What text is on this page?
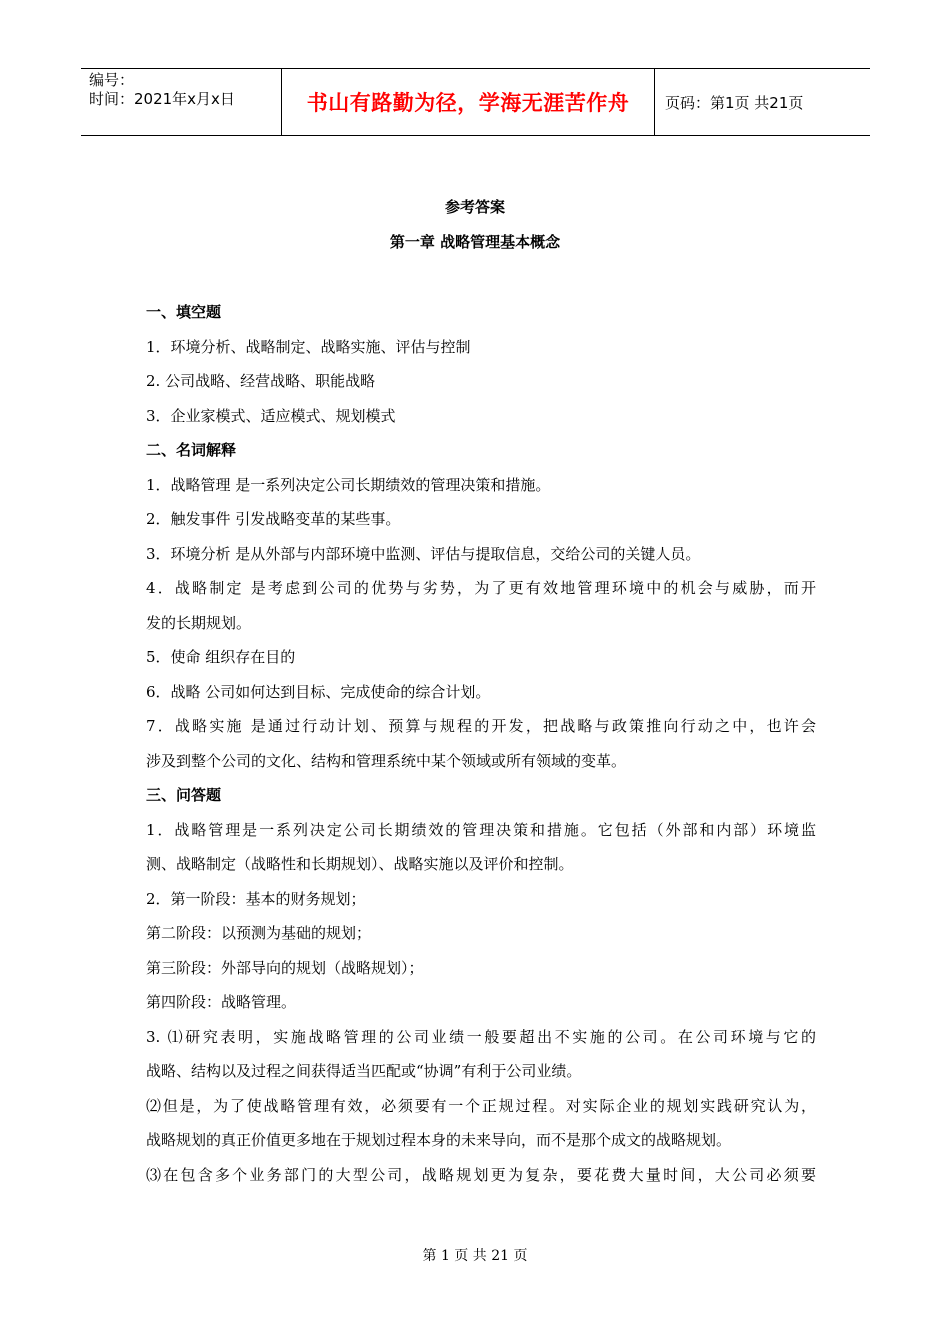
编号：
时间：2021年x月x日	书山有路勤为径，学海无涯苦作舟 页码：第1页 共21页
参考答案
第一章 战略管理基本概念
一、填空题
1．环境分析、战略制定、战略实施、评估与控制
2. 公司战略、经营战略、职能战略
3．企业家模式、适应模式、规划模式
二、名词解释
1．战略管理 是一系列决定公司长期绩效的管理决策和措施。
2．触发事件 引发战略变革的某些事。
3．环境分析 是从外部与内部环境中监测、评估与提取信息，交给公司的关键人员。
4．战略制定 是考虑到公司的优势与劣势，为了更有效地管理环境中的机会与威胁，而开
发的长期规划。
5．使命 组织存在目的
6．战略 公司如何达到目标、完成使命的综合计划。
7．战略实施 是通过行动计划、预算与规程的开发，把战略与政策推向行动之中，也许会
涉及到整个公司的文化、结构和管理系统中某个领域或所有领域的变革。
三、问答题
1．战略管理是一系列决定公司长期绩效的管理决策和措施。它包括（外部和内部）环境监
测、战略制定（战略性和长期规划）、战略实施以及评价和控制。
2．第一阶段：基本的财务规划；
第二阶段：以预测为基础的规划；
第三阶段：外部导向的规划（战略规划）；
第四阶段：战略管理。
3. ⑴研究表明，实施战略管理的公司业绩一般要超出不实施的公司。在公司环境与它的
战略、结构以及过程之间获得适当匹配或“协调”有利于公司业绩。
⑵但是，为了使战略管理有效，必须要有一个正规过程。对实际企业的规划实践研究认为，
战略规划的真正价值更多地在于规划过程本身的未来导向，而不是那个成文的战略规划。
⑶在包含多个业务部门的大型公司，战略规划更为复杂，要花费大量时间，大公司必须要
第 1 页 共 21 页
